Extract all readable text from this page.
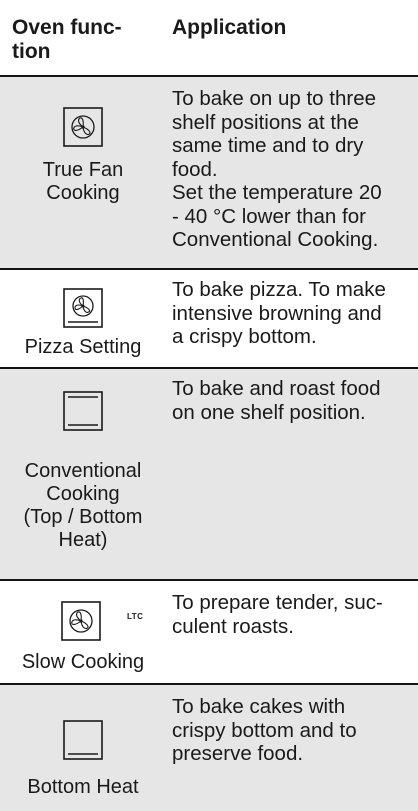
Oven func-
tion
Application
True Fan
Cooking
To bake on up to three
shelf positions at the
same time and to dry
food.
Set the temperature 20
- 40 °C lower than for
Conventional Cooking.
Pizza Setting
To bake pizza. To make
intensive browning and
a crispy bottom.
Conventional
Cooking
(Top / Bottom
Heat)
To bake and roast food
on one shelf position.
LTC
Slow Cooking
To prepare tender, suc-
culent roasts.
Bottom Heat
To bake cakes with
crispy bottom and to
preserve food.
